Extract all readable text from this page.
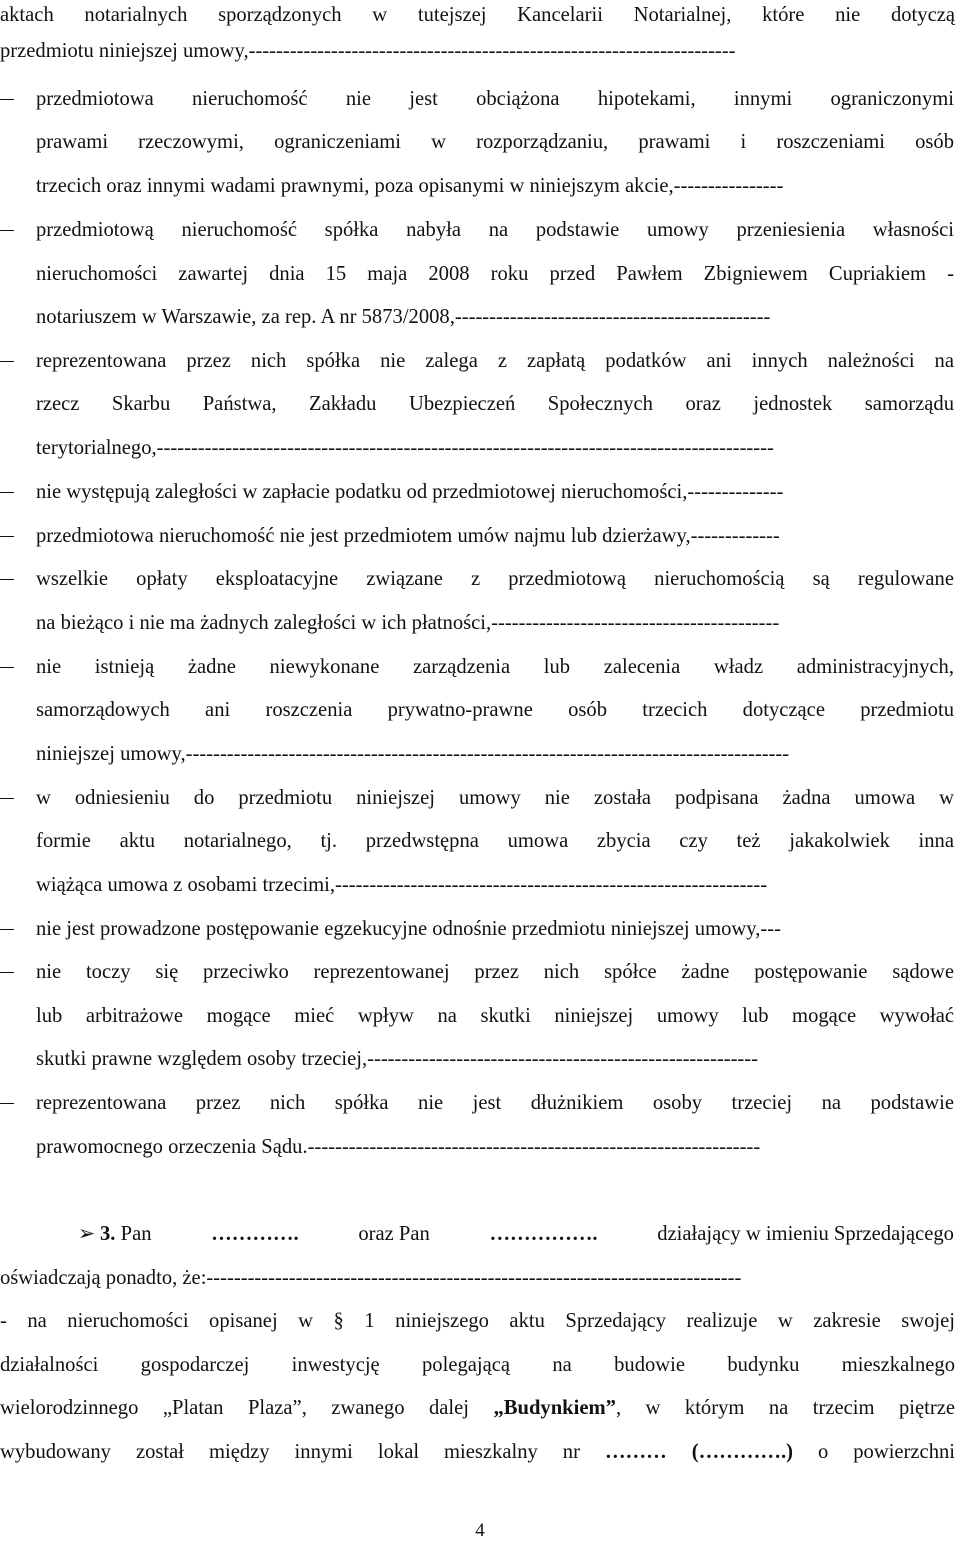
aktach notarialnych sporządzonych w tutejszej Kancelarii Notarialnej, które nie dotyczą
przedmiotu niniejszej umowy,-----------------------------------------------------------------------
przedmiotowa nieruchomość nie jest obciążona hipotekami, innymi ograniczonymi
prawami rzeczowymi, ograniczeniami w rozporządzaniu, prawami i roszczeniami osób
trzecich oraz innymi wadami prawnymi, poza opisanymi w niniejszym akcie,----------------
przedmiotową nieruchomość spółka nabyła na podstawie umowy przeniesienia własności
nieruchomości zawartej dnia 15 maja 2008 roku przed Pawłem Zbigniewem Cupriakiem -
notariuszem w Warszawie, za rep. A nr 5873/2008,----------------------------------------------
reprezentowana przez nich spółka nie zalega z zapłatą podatków ani innych należności na
rzecz Skarbu Państwa, Zakładu Ubezpieczeń Społecznych oraz jednostek samorządu
terytorialnego,------------------------------------------------------------------------------------------
nie występują zaległości w zapłacie podatku od przedmiotowej nieruchomości,--------------
przedmiotowa nieruchomość nie jest przedmiotem umów najmu lub dzierżawy,-------------
wszelkie opłaty eksploatacyjne związane z przedmiotową nieruchomością są regulowane
na bieżąco i nie ma żadnych zaległości w ich płatności,------------------------------------------
nie istnieją żadne niewykonane zarządzenia lub zalecenia władz administracyjnych,
samorządowych ani roszczenia prywatno-prawne osób trzecich dotyczące przedmiotu
niniejszej umowy,----------------------------------------------------------------------------------------
w odniesieniu do przedmiotu niniejszej umowy nie została podpisana żadna umowa w
formie aktu notarialnego, tj. przedwstępna umowa zbycia czy też jakakolwiek inna
wiążąca umowa z osobami trzecimi,---------------------------------------------------------------
nie jest prowadzone postępowanie egzekucyjne odnośnie przedmiotu niniejszej umowy,---
nie toczy się przeciwko reprezentowanej przez nich spółce żadne postępowanie sądowe
lub arbitrażowe mogące mieć wpływ na skutki niniejszej umowy lub mogące wywołać
skutki prawne względem osoby trzeciej,---------------------------------------------------------
reprezentowana przez nich spółka nie jest dłużnikiem osoby trzeciej na podstawie
prawomocnego orzeczenia Sądu.------------------------------------------------------------------
➢ 3. Pan	………….	oraz Pan	…………….	działający w imieniu Sprzedającego
oświadczają ponadto, że:------------------------------------------------------------------------------
- na nieruchomości opisanej w § 1 niniejszego aktu Sprzedający realizuje w zakresie swojej
działalności gospodarczej inwestycję polegającą na budowie budynku mieszkalnego
wielorodzinnego „Platan Plaza”, zwanego dalej „Budynkiem”, w którym na trzecim piętrze
wybudowany został między innymi lokal mieszkalny nr ……… (………….) o powierzchni
4
